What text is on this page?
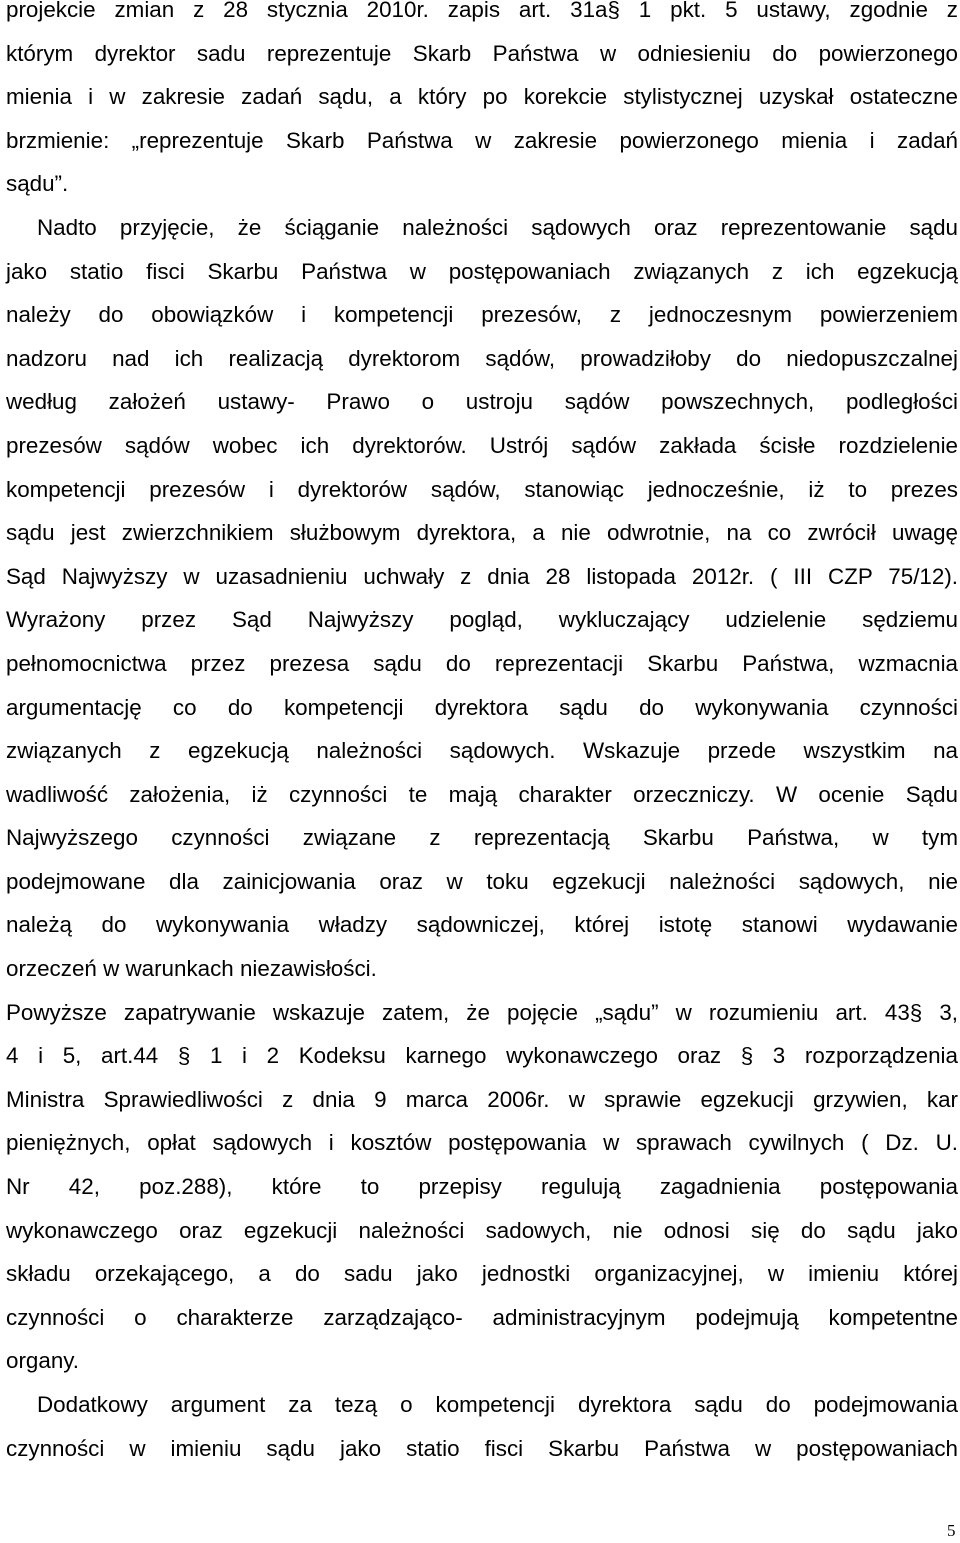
projekcie zmian z 28 stycznia 2010r. zapis art. 31a§ 1 pkt. 5 ustawy, zgodnie z
którym dyrektor sadu reprezentuje Skarb Państwa w odniesieniu do powierzonego
mienia i w zakresie zadań sądu, a który po korekcie stylistycznej uzyskał ostateczne
brzmienie: „reprezentuje Skarb Państwa w zakresie powierzonego mienia i zadań
sądu”.
Nadto przyjęcie, że ściąganie należności sądowych oraz reprezentowanie sądu
jako statio fisci Skarbu Państwa w postępowaniach związanych z ich egzekucją
należy do obowiązków i kompetencji prezesów, z jednoczesnym powierzeniem
nadzoru nad ich realizacją dyrektorom sądów, prowadziłoby do niedopuszczalnej
według założeń ustawy- Prawo o ustroju sądów powszechnych, podległości
prezesów sądów wobec ich dyrektorów. Ustrój sądów zakłada ścisłe rozdzielenie
kompetencji prezesów i dyrektorów sądów, stanowiąc jednocześnie, iż to prezes
sądu jest zwierzchnikiem służbowym dyrektora, a nie odwrotnie, na co zwrócił uwagę
Sąd Najwyższy w uzasadnieniu uchwały z dnia 28 listopada 2012r. ( III CZP 75/12).
Wyrażony przez Sąd Najwyższy pogląd, wykluczający udzielenie sędziemu
pełnomocnictwa przez prezesa sądu do reprezentacji Skarbu Państwa, wzmacnia
argumentację co do kompetencji dyrektora sądu do wykonywania czynności
związanych z egzekucją należności sądowych. Wskazuje przede wszystkim na
wadliwość założenia, iż czynności te mają charakter orzeczniczy. W ocenie Sądu
Najwyższego czynności związane z reprezentacją Skarbu Państwa, w tym
podejmowane dla zainicjowania oraz w toku egzekucji należności sądowych, nie
należą do wykonywania władzy sądowniczej, której istotę stanowi wydawanie
orzeczeń w warunkach niezawisłości.
Powyższe zapatrywanie wskazuje zatem, że pojęcie „sądu” w rozumieniu art. 43§ 3,
4 i 5, art.44 § 1 i 2 Kodeksu karnego wykonawczego oraz § 3 rozporządzenia
Ministra Sprawiedliwości z dnia 9 marca 2006r. w sprawie egzekucji grzywien, kar
pieniężnych, opłat sądowych i kosztów postępowania w sprawach cywilnych ( Dz. U.
Nr 42, poz.288), które to przepisy regulują zagadnienia postępowania
wykonawczego oraz egzekucji należności sadowych, nie odnosi się do sądu jako
składu orzekającego, a do sadu jako jednostki organizacyjnej, w imieniu której
czynności o charakterze zarządzająco- administracyjnym podejmują kompetentne
organy.
Dodatkowy argument za tezą o kompetencji dyrektora sądu do podejmowania
czynności w imieniu sądu jako statio fisci Skarbu Państwa w postępowaniach
5
